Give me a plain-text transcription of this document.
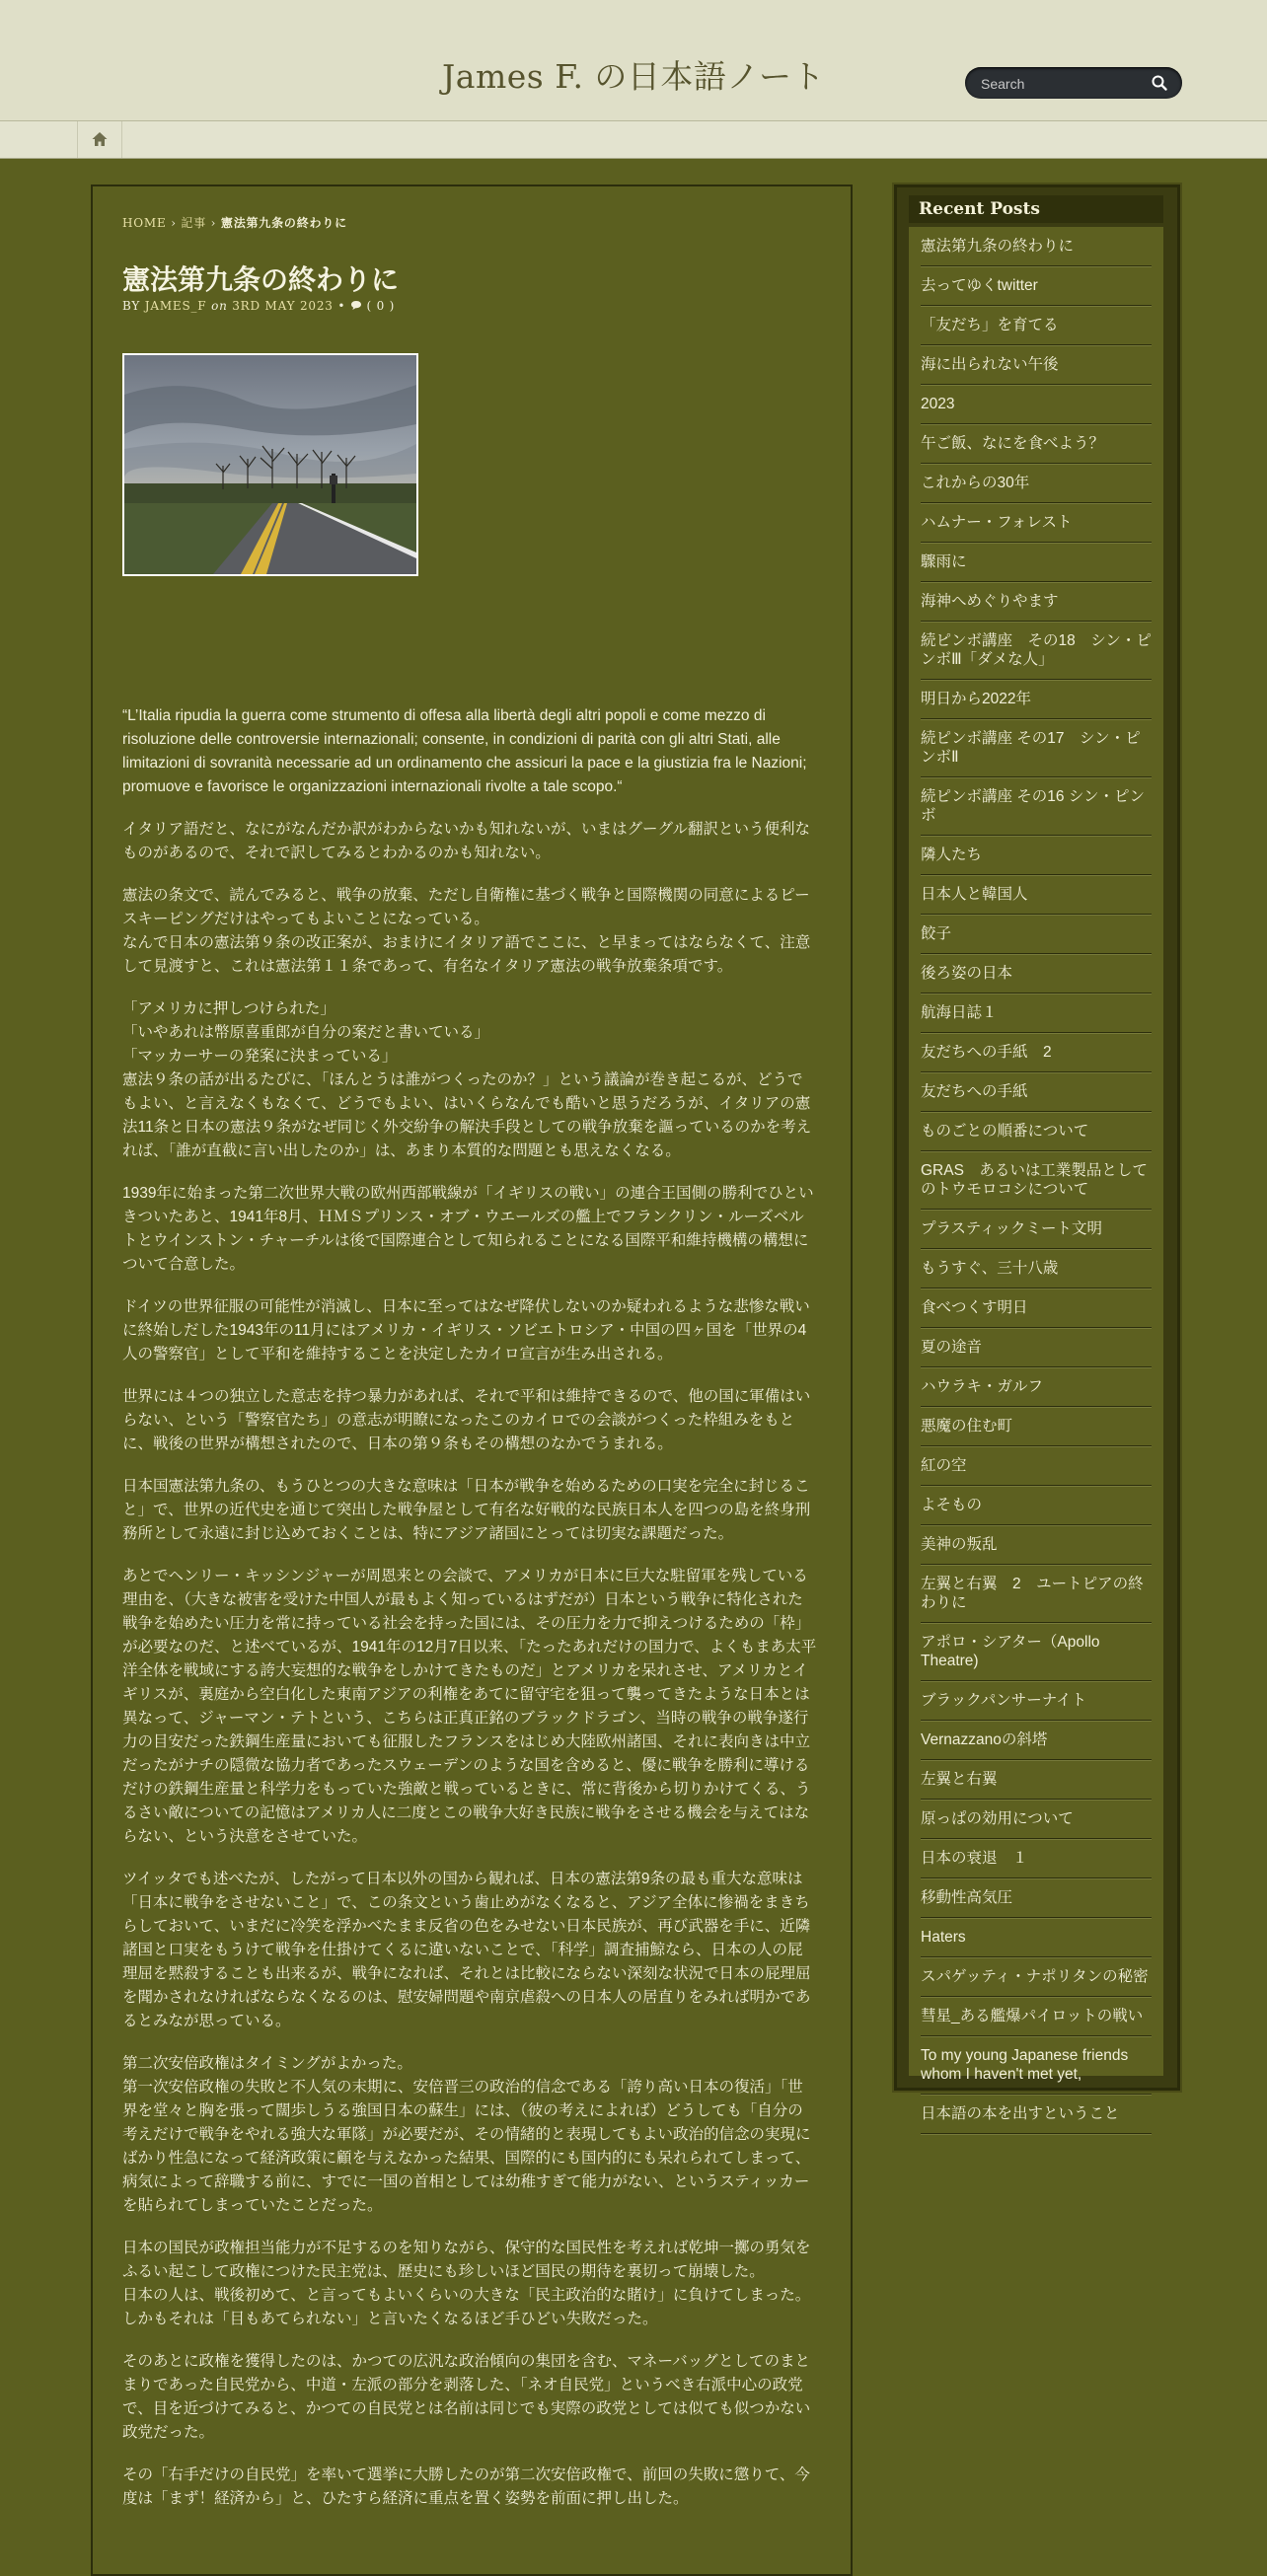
James F. の日本語ノート
Search
HOME › 記事 › 憲法第九条の終わりに
憲法第九条の終わりに
BY JAMES_F on 3RD MAY 2023 • ( 0 )

“L’Italia ripudia la guerra come strumento di offesa alla libertà degli altri popoli e come mezzo di risoluzione delle controversie internazionali; consente, in condizioni di parità con gli altri Stati, alle limitazioni di sovranità necessarie ad un ordinamento che assicuri la pace e la giustizia fra le Nazioni; promuove e favorisce le organizzazioni internazionali rivolte a tale scopo.“

イタリア語だと、なにがなんだか訳がわからないかも知れないが、いまはグーグル翻訳という便利なものがあるので、それで訳してみるとわかるのかも知れない。

憲法の条文で、読んでみると、戦争の放棄、ただし自衛権に基づく戦争と国際機関の同意によるピースキーピングだけはやってもよいことになっている。
なんで日本の憲法第９条の改正案が、おまけにイタリア語でここに、と早まってはならなくて、注意して見渡すと、これは憲法第１１条であって、有名なイタリア憲法の戦争放棄条項です。

「アメリカに押しつけられた」
「いやあれは幣原喜重郎が自分の案だと書いている」
「マッカーサーの発案に決まっている」
憲法９条の話が出るたびに、「ほんとうは誰がつくったのか？」という議論が巻き起こるが、どうでもよい、と言えなくもなくて、どうでもよい、はいくらなんでも酷いと思うだろうが、イタリアの憲法11条と日本の憲法９条がなぜ同じく外交紛争の解決手段としての戦争放棄を謳っているのかを考えれば、「誰が直截に言い出したのか」は、あまり本質的な問題とも思えなくなる。

1939年に始まった第二次世界大戦の欧州西部戦線が「イギリスの戦い」の連合王国側の勝利でひといきついたあと、1941年8月、ＨＭＳプリンス・オブ・ウエールズの艦上でフランクリン・ルーズベルトとウインストン・チャーチルは後で国際連合として知られることになる国際平和維持機構の構想について合意した。

ドイツの世界征服の可能性が消滅し、日本に至ってはなぜ降伏しないのか疑われるような悲惨な戦いに終始しだした1943年の11月にはアメリカ・イギリス・ソビエトロシア・中国の四ヶ国を「世界の4人の警察官」として平和を維持することを決定したカイロ宣言が生み出される。

世界には４つの独立した意志を持つ暴力があれば、それで平和は維持できるので、他の国に軍備はいらない、という「警察官たち」の意志が明瞭になったこのカイロでの会談がつくった枠組みをもとに、戦後の世界が構想されたので、日本の第９条もその構想のなかでうまれる。

日本国憲法第九条の、もうひとつの大きな意味は「日本が戦争を始めるための口実を完全に封じること」で、世界の近代史を通じて突出した戦争屋として有名な好戦的な民族日本人を四つの島を終身刑務所として永遠に封じ込めておくことは、特にアジア諸国にとっては切実な課題だった。

あとでヘンリー・キッシンジャーが周恩来との会談で、アメリカが日本に巨大な駐留軍を残している理由を、（大きな被害を受けた中国人が最もよく知っているはずだが）日本という戦争に特化された戦争を始めたい圧力を常に持っている社会を持った国には、その圧力を力で抑えつけるための「枠」が必要なのだ、と述べているが、1941年の12月7日以来、「たったあれだけの国力で、よくもまあ太平洋全体を戦域にする誇大妄想的な戦争をしかけてきたものだ」とアメリカを呆れさせ、アメリカとイギリスが、裏庭から空白化した東南アジアの利権をあてに留守宅を狙って襲ってきたような日本とは異なって、ジャーマン・テトという、こちらは正真正銘のブラックドラゴン、当時の戦争の戦争遂行力の目安だった鉄鋼生産量においても征服したフランスをはじめ大陸欧州諸国、それに表向きは中立だったがナチの隠微な協力者であったスウェーデンのような国を含めると、優に戦争を勝利に導けるだけの鉄鋼生産量と科学力をもっていた強敵と戦っているときに、常に背後から切りかけてくる、うるさい敵についての記憶はアメリカ人に二度とこの戦争大好き民族に戦争をさせる機会を与えてはならない、という決意をさせていた。

ツイッタでも述べたが、したがって日本以外の国から観れば、日本の憲法第9条の最も重大な意味は「日本に戦争をさせないこと」で、この条文という歯止めがなくなると、アジア全体に惨禍をまきちらしておいて、いまだに冷笑を浮かべたまま反省の色をみせない日本民族が、再び武器を手に、近隣諸国と口実をもうけて戦争を仕掛けてくるに違いないことで、「科学」調査捕鯨なら、日本の人の屁理屈を黙殺することも出来るが、戦争になれば、それとは比較にならない深刻な状況で日本の屁理屈を聞かされなければならなくなるのは、慰安婦問題や南京虐殺への日本人の居直りをみれば明かであるとみなが思っている。

第二次安倍政権はタイミングがよかった。
第一次安倍政権の失敗と不人気の末期に、安倍晋三の政治的信念である「誇り高い日本の復活」「世界を堂々と胸を張って闊歩しうる強国日本の蘇生」には、（彼の考えによれば）どうしても「自分の考えだけで戦争をやれる強大な軍隊」が必要だが、その情緒的と表現してもよい政治的信念の実現にばかり性急になって経済政策に顧を与えなかった結果、国際的にも国内的にも呆れられてしまって、病気によって辞職する前に、すでに一国の首相としては幼稚すぎて能力がない、というスティッカーを貼られてしまっていたことだった。

日本の国民が政権担当能力が不足するのを知りながら、保守的な国民性を考えれば乾坤一擲の勇気をふるい起こして政権につけた民主党は、歴史にも珍しいほど国民の期待を裏切って崩壊した。
日本の人は、戦後初めて、と言ってもよいくらいの大きな「民主政治的な賭け」に負けてしまった。
しかもそれは「目もあてられない」と言いたくなるほど手ひどい失敗だった。

そのあとに政権を獲得したのは、かつての広汎な政治傾向の集団を含む、マネーバッグとしてのまとまりであった自民党から、中道・左派の部分を剥落した、「ネオ自民党」というべき右派中心の政党で、目を近づけてみると、かつての自民党とは名前は同じでも実際の政党としては似ても似つかない政党だった。

その「右手だけの自民党」を率いて選挙に大勝したのが第二次安倍政権で、前回の失敗に懲りて、今度は「まず！経済から」と、ひたすら経済に重点を置く姿勢を前面に押し出した。

Recent Posts
憲法第九条の終わりに
去ってゆくtwitter
「友だち」を育てる
海に出られない午後
2023
午ご飯、なにを食べよう？
これからの30年
ハムナー・フォレスト
驟雨に
海神へめぐりやます
続ピンボ講座　その18　シン・ピンボⅢ「ダメな人」
明日から2022年
続ピンボ講座 その17　シン・ピンボⅡ
続ピンボ講座 その16 シン・ピンボ
隣人たち
日本人と韓国人
餃子
後ろ姿の日本
航海日誌１
友だちへの手紙　2
友だちへの手紙
ものごとの順番について
GRAS　あるいは工業製品としてのトウモロコシについて
プラスティックミート文明
もうすぐ、三十八歳
食べつくす明日
夏の途音
ハウラキ・ガルフ
悪魔の住む町
紅の空
よそもの
美神の叛乱
左翼と右翼　2　ユートピアの終わりに
アポロ・シアター（Apollo Theatre)
ブラックパンサーナイト
Vernazzanoの斜塔
左翼と右翼
原っぱの効用について
日本の衰退　１
移動性高気圧
Haters
スパゲッティ・ナポリタンの秘密
彗星_ある艦爆パイロットの戦い
To my young Japanese friends whom I haven't met yet,
日本語の本を出すということ
